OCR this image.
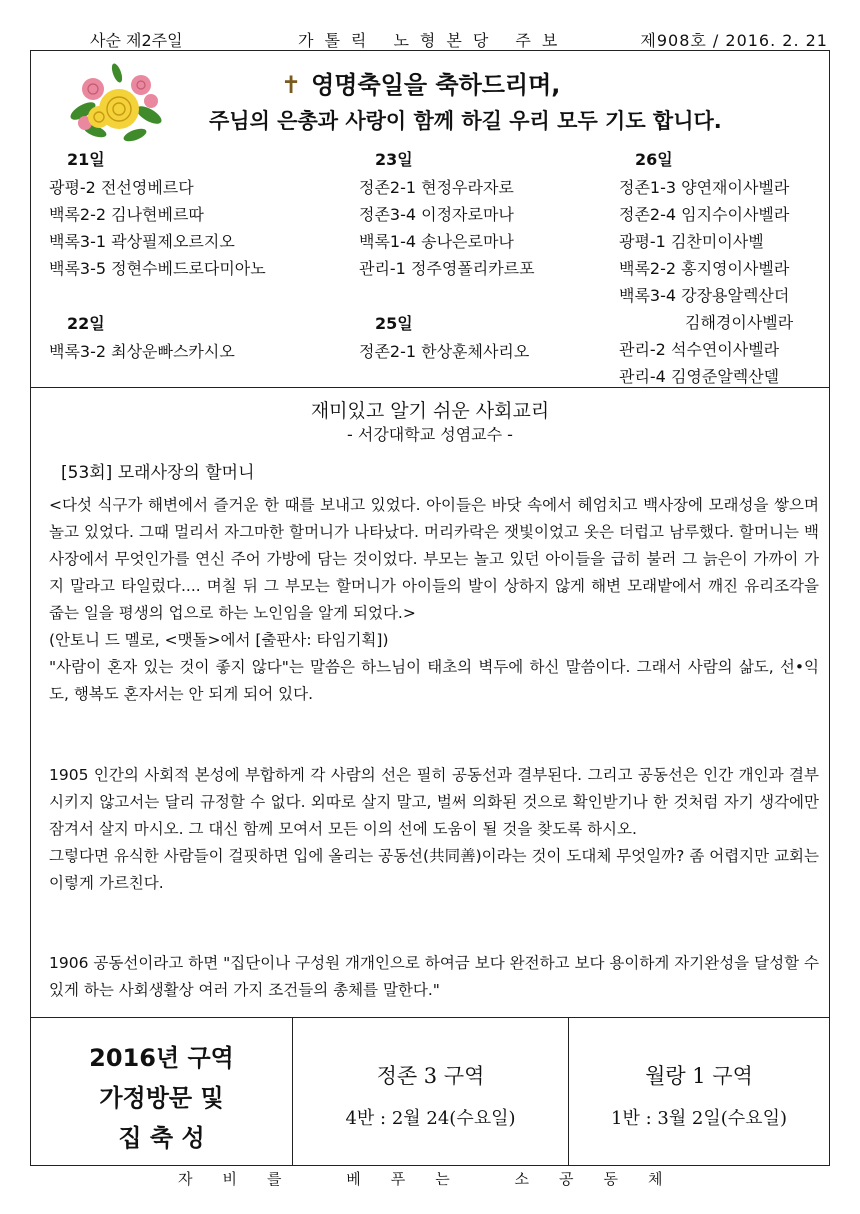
사순 제2주일	가톨릭 노형본당 주보	제908호 / 2016. 2. 21
✝ 영명축일을 축하드리며,
주님의 은총과 사랑이 함께 하길 우리 모두 기도 합니다.
21일
광평-2 전선영베르다
백록2-2 김나현베르따
백록3-1 곽상필제오르지오
백록3-5 정현수베드로다미아노
22일
백록3-2 최상운빠스카시오
23일
정존2-1 현정우라자로
정존3-4 이정자로마나
백록1-4 송나은로마나
관리-1 정주영폴리카르포
25일
정존2-1 한상훈체사리오
26일
정존1-3 양연재이사벨라
정존2-4 임지수이사벨라
광평-1 김찬미이사벨
백록2-2 홍지영이사벨라
백록3-4 강장용알렉산더
김해경이사벨라
관리-2 석수연이사벨라
관리-4 김영준알렉산델
재미있고 알기 쉬운 사회교리
- 서강대학교 성염교수 -
[53회] 모래사장의 할머니
<다섯 식구가 해변에서 즐거운 한 때를 보내고 있었다. 아이들은 바닷 속에서 헤엄치고 백사장에 모래성을 쌓으며 놀고 있었다. 그때 멀리서 자그마한 할머니가 나타났다. 머리카락은 잿빛이었고 옷은 더럽고 남루했다. 할머니는 백사장에서 무엇인가를 연신 주어 가방에 담는 것이었다. 부모는 놀고 있던 아이들을 급히 불러 그 늙은이 가까이 가지 말라고 타일렀다.... 며칠 뒤 그 부모는 할머니가 아이들의 발이 상하지 않게 해변 모래밭에서 깨진 유리조각을 줍는 일을 평생의 업으로 하는 노인임을 알게 되었다.>
(안토니 드 멜로, <맷돌>에서 [출판사: 타임기획])
"사람이 혼자 있는 것이 좋지 않다"는 말씀은 하느님이 태초의 벽두에 하신 말씀이다. 그래서 사람의 삶도, 선•익도, 행복도 혼자서는 안 되게 되어 있다.
1905 인간의 사회적 본성에 부합하게 각 사람의 선은 필히 공동선과 결부된다. 그리고 공동선은 인간 개인과 결부시키지 않고서는 달리 규정할 수 없다. 외따로 살지 말고, 벌써 의화된 것으로 확인받기나 한 것처럼 자기 생각에만 잠겨서 살지 마시오. 그 대신 함께 모여서 모든 이의 선에 도움이 될 것을 찾도록 하시오.
그렇다면 유식한 사람들이 걸핏하면 입에 올리는 공동선(共同善)이라는 것이 도대체 무엇일까? 좀 어렵지만 교회는 이렇게 가르친다.
1906 공동선이라고 하면 "집단이나 구성원 개개인으로 하여금 보다 완전하고 보다 용이하게 자기완성을 달성할 수 있게 하는 사회생활상 여러 가지 조건들의 총체를 말한다."
2016년 구역
가정방문 및
집 축 성
정존 3 구역
4반 : 2월 24(수요일)
월랑 1 구역
1반 : 3월 2일(수요일)
자비를 베푸는 소공동체
